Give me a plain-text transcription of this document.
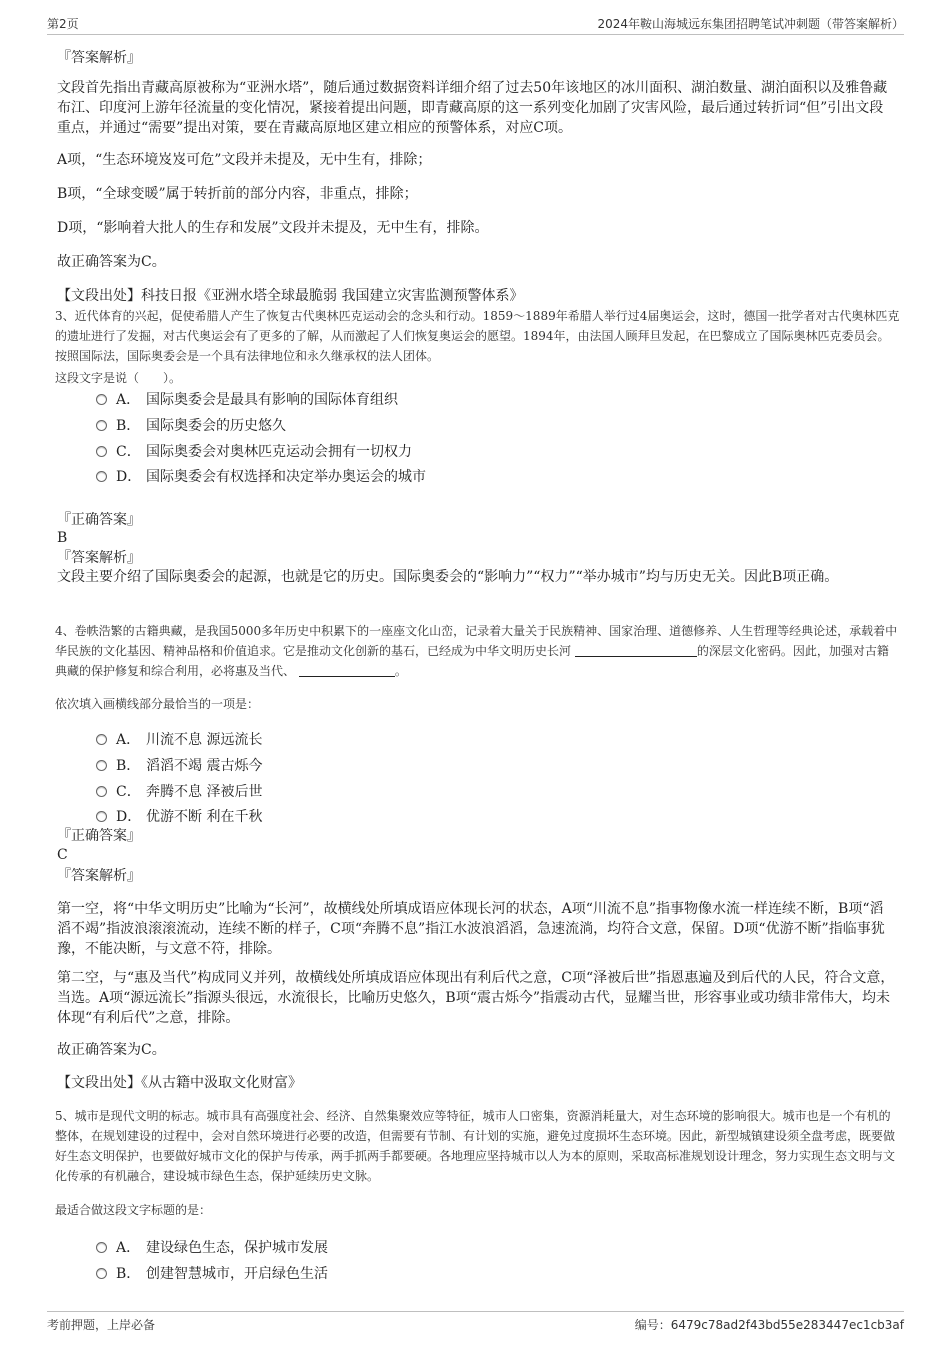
第2页	2024年鞍山海城远东集团招聘笔试冲刺题（带答案解析）
『答案解析』
文段首先指出青藏高原被称为“亚洲水塔”，随后通过数据资料详细介绍了过去50年该地区的冰川面积、湖泊数量、湖泊面积以及雅鲁藏布江、印度河上游年径流量的变化情况，紧接着提出问题，即青藏高原的这一系列变化加剧了灾害风险，最后通过转折词“但”引出文段重点，并通过“需要”提出对策，要在青藏高原地区建立相应的预警体系，对应C项。
A项，“生态环境岌岌可危”文段并未提及，无中生有，排除；
B项，“全球变暖”属于转折前的部分内容，非重点，排除；
D项，“影响着大批人的生存和发展”文段并未提及，无中生有，排除。
故正确答案为C。
【文段出处】科技日报《亚洲水塔全球最脆弱 我国建立灾害监测预警体系》
3、近代体育的兴起，促使希腊人产生了恢复古代奥林匹克运动会的念头和行动。1859～1889年希腊人举行过4届奥运会，这时，德国一批学者对古代奥林匹克的遗址进行了发掘，对古代奥运会有了更多的了解，从而激起了人们恢复奥运会的愿望。1894年，由法国人顾拜旦发起，在巴黎成立了国际奥林匹克委员会。按照国际法，国际奥委会是一个具有法律地位和永久继承权的法人团体。
这段文字是说（　　）。
A． 国际奥委会是最具有影响的国际体育组织
B． 国际奥委会的历史悠久
C． 国际奥委会对奥林匹克运动会拥有一切权力
D． 国际奥委会有权选择和决定举办奥运会的城市
『正确答案』
B
『答案解析』
文段主要介绍了国际奥委会的起源，也就是它的历史。国际奥委会的“影响力”“权力”“举办城市”均与历史无关。因此B项正确。
4、卷帙浩繁的古籍典藏，是我国5000多年历史中积累下的一座座文化山峦，记录着大量关于民族精神、国家治理、道德修养、人生哲理等经典论述，承载着中华民族的文化基因、精神品格和价值追求。它是推动文化创新的基石，已经成为中华文明历史长河	的深层文化密码。因此，加强对古籍典藏的保护修复和综合利用，必将惠及当代、	。
依次填入画横线部分最恰当的一项是：
A． 川流不息 源远流长
B． 滔滔不竭 震古烁今
C． 奔腾不息 泽被后世
D． 优游不断 利在千秋
『正确答案』
C
『答案解析』
第一空，将“中华文明历史”比喻为“长河”，故横线处所填成语应体现长河的状态，A项“川流不息”指事物像水流一样连续不断，B项“滔滔不竭”指波浪滚滚流动，连续不断的样子，C项“奔腾不息”指江水波浪滔滔，急速流淌，均符合文意，保留。D项“优游不断”指临事犹豫，不能决断，与文意不符，排除。
第二空，与“惠及当代”构成同义并列，故横线处所填成语应体现出有利后代之意，C项“泽被后世”指恩惠遍及到后代的人民，符合文意，当选。A项“源远流长”指源头很远，水流很长，比喻历史悠久，B项“震古烁今”指震动古代，显耀当世，形容事业或功绩非常伟大，均未体现“有利后代”之意，排除。
故正确答案为C。
【文段出处】《从古籍中汲取文化财富》
5、城市是现代文明的标志。城市具有高强度社会、经济、自然集聚效应等特征，城市人口密集，资源消耗量大，对生态环境的影响很大。城市也是一个有机的整体，在规划建设的过程中，会对自然环境进行必要的改造，但需要有节制、有计划的实施，避免过度损坏生态环境。因此，新型城镇建设须全盘考虑，既要做好生态文明保护，也要做好城市文化的保护与传承，两手抓两手都要硬。各地理应坚持城市以人为本的原则，采取高标准规划设计理念，努力实现生态文明与文化传承的有机融合，建设城市绿色生态，保护延续历史文脉。
最适合做这段文字标题的是：
A． 建设绿色生态，保护城市发展
B． 创建智慧城市，开启绿色生活
考前押题，上岸必备	编号：6479c78ad2f43bd55e283447ec1cb3af
